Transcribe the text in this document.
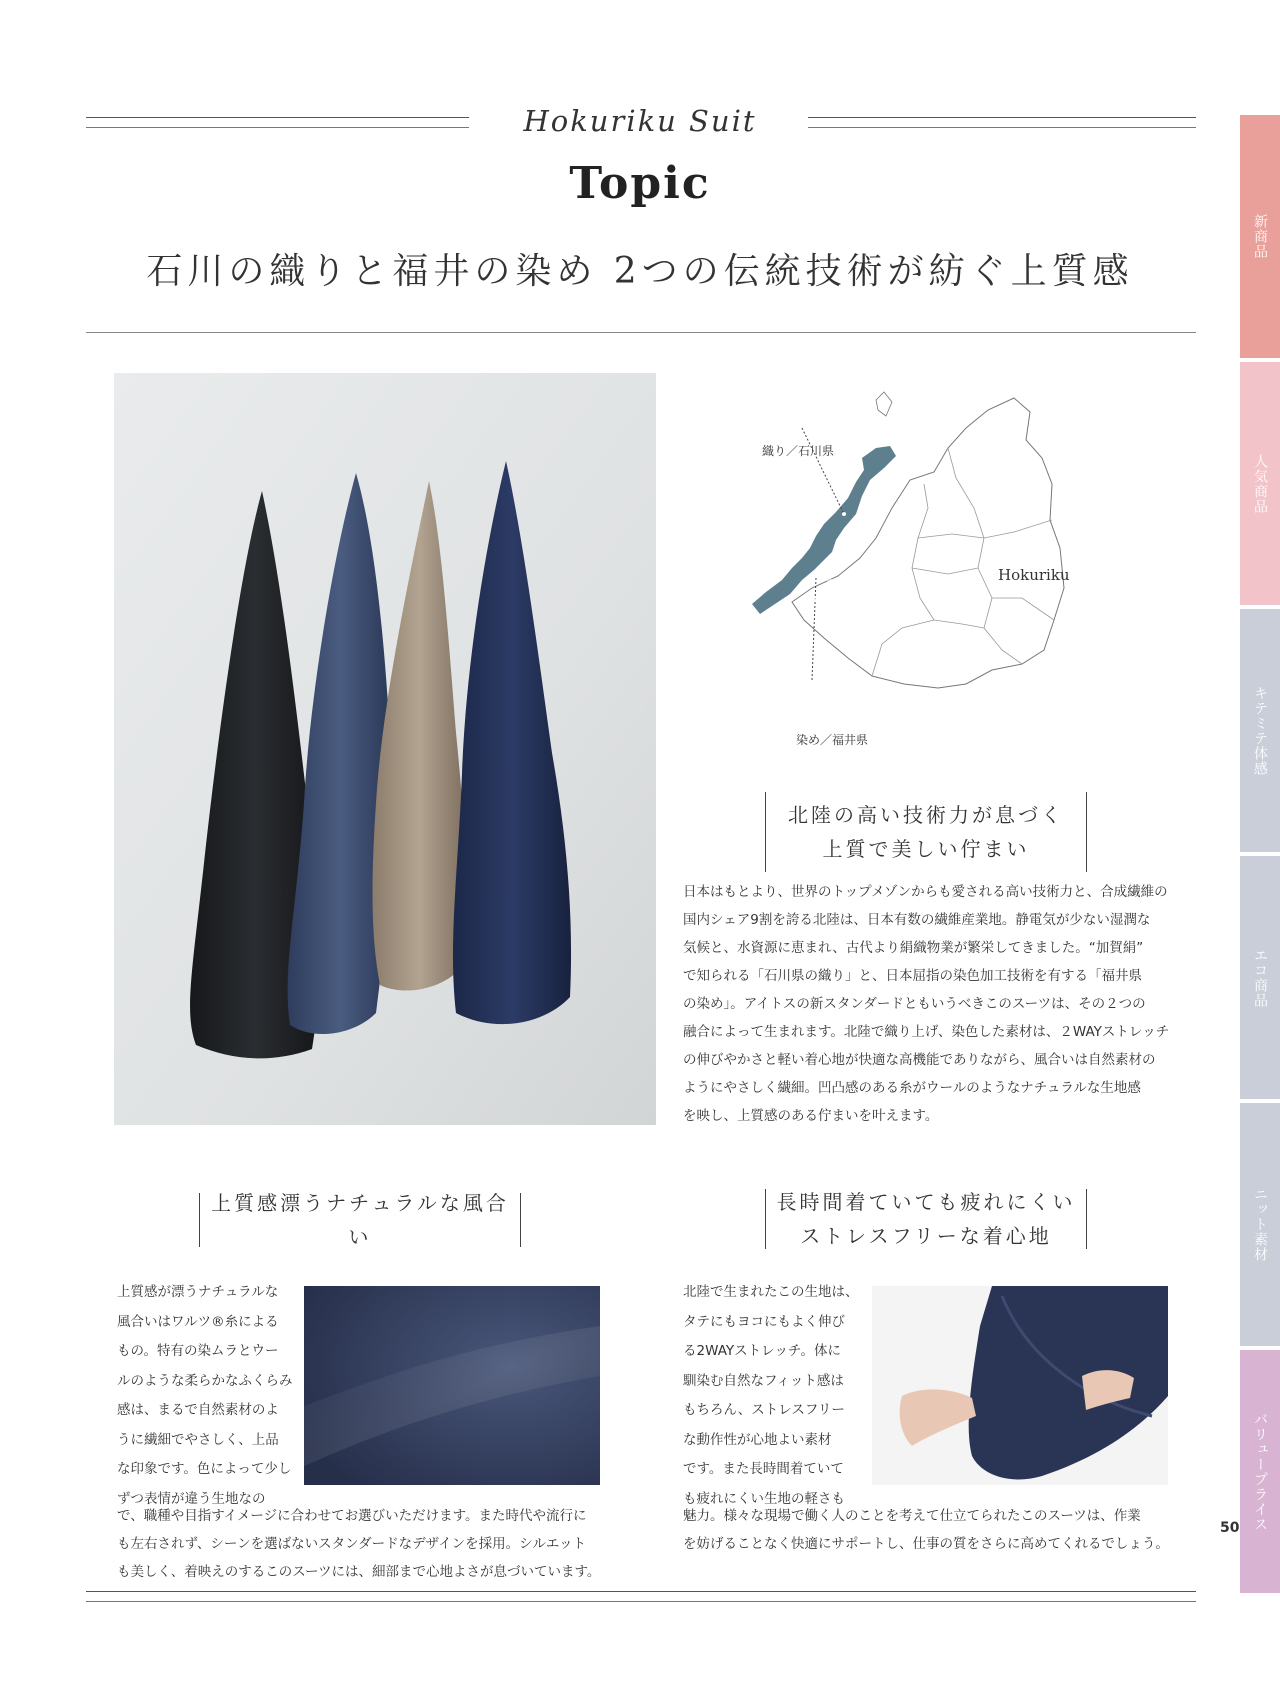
Hokuriku Suit
Topic
石川の織りと福井の染め 2つの伝統技術が紡ぐ上質感
新商品
人気商品
キテミテ体感
エコ商品
ニット素材
バリュープライス
織り／石川県
染め／福井県
Hokuriku
ISHI
KAWA
FUKUI
北陸の高い技術力が息づく
上質で美しい佇まい
日本はもとより、世界のトップメゾンからも愛される高い技術力と、合成繊維の
国内シェア9割を誇る北陸は、日本有数の繊維産業地。静電気が少ない湿潤な
気候と、水資源に恵まれ、古代より絹織物業が繁栄してきました。“加賀絹”
で知られる「石川県の織り」と、日本屈指の染色加工技術を有する「福井県
の染め」。アイトスの新スタンダードともいうべきこのスーツは、その２つの
融合によって生まれます。北陸で織り上げ、染色した素材は、２WAYストレッチ
の伸びやかさと軽い着心地が快適な高機能でありながら、風合いは自然素材の
ようにやさしく繊細。凹凸感のある糸がウールのようなナチュラルな生地感
を映し、上質感のある佇まいを叶えます。
上質感漂うナチュラルな風合い
上質感が漂うナチュラルな
風合いはワルツ®糸による
もの。特有の染ムラとウー
ルのような柔らかなふくらみ
感は、まるで自然素材のよ
うに繊細でやさしく、上品
な印象です。色によって少し
ずつ表情が違う生地なの
で、職種や目指すイメージに合わせてお選びいただけます。また時代や流行に
も左右されず、シーンを選ばないスタンダードなデザインを採用。シルエット
も美しく、着映えのするこのスーツには、細部まで心地よさが息づいています。
長時間着ていても疲れにくい
ストレスフリーな着心地
北陸で生まれたこの生地は、
タテにもヨコにもよく伸び
る2WAYストレッチ。体に
馴染む自然なフィット感は
もちろん、ストレスフリー
な動作性が心地よい素材
です。また長時間着ていて
も疲れにくい生地の軽さも
魅力。様々な現場で働く人のことを考えて仕立てられたこのスーツは、作業
を妨げることなく快適にサポートし、仕事の質をさらに高めてくれるでしょう。
50
